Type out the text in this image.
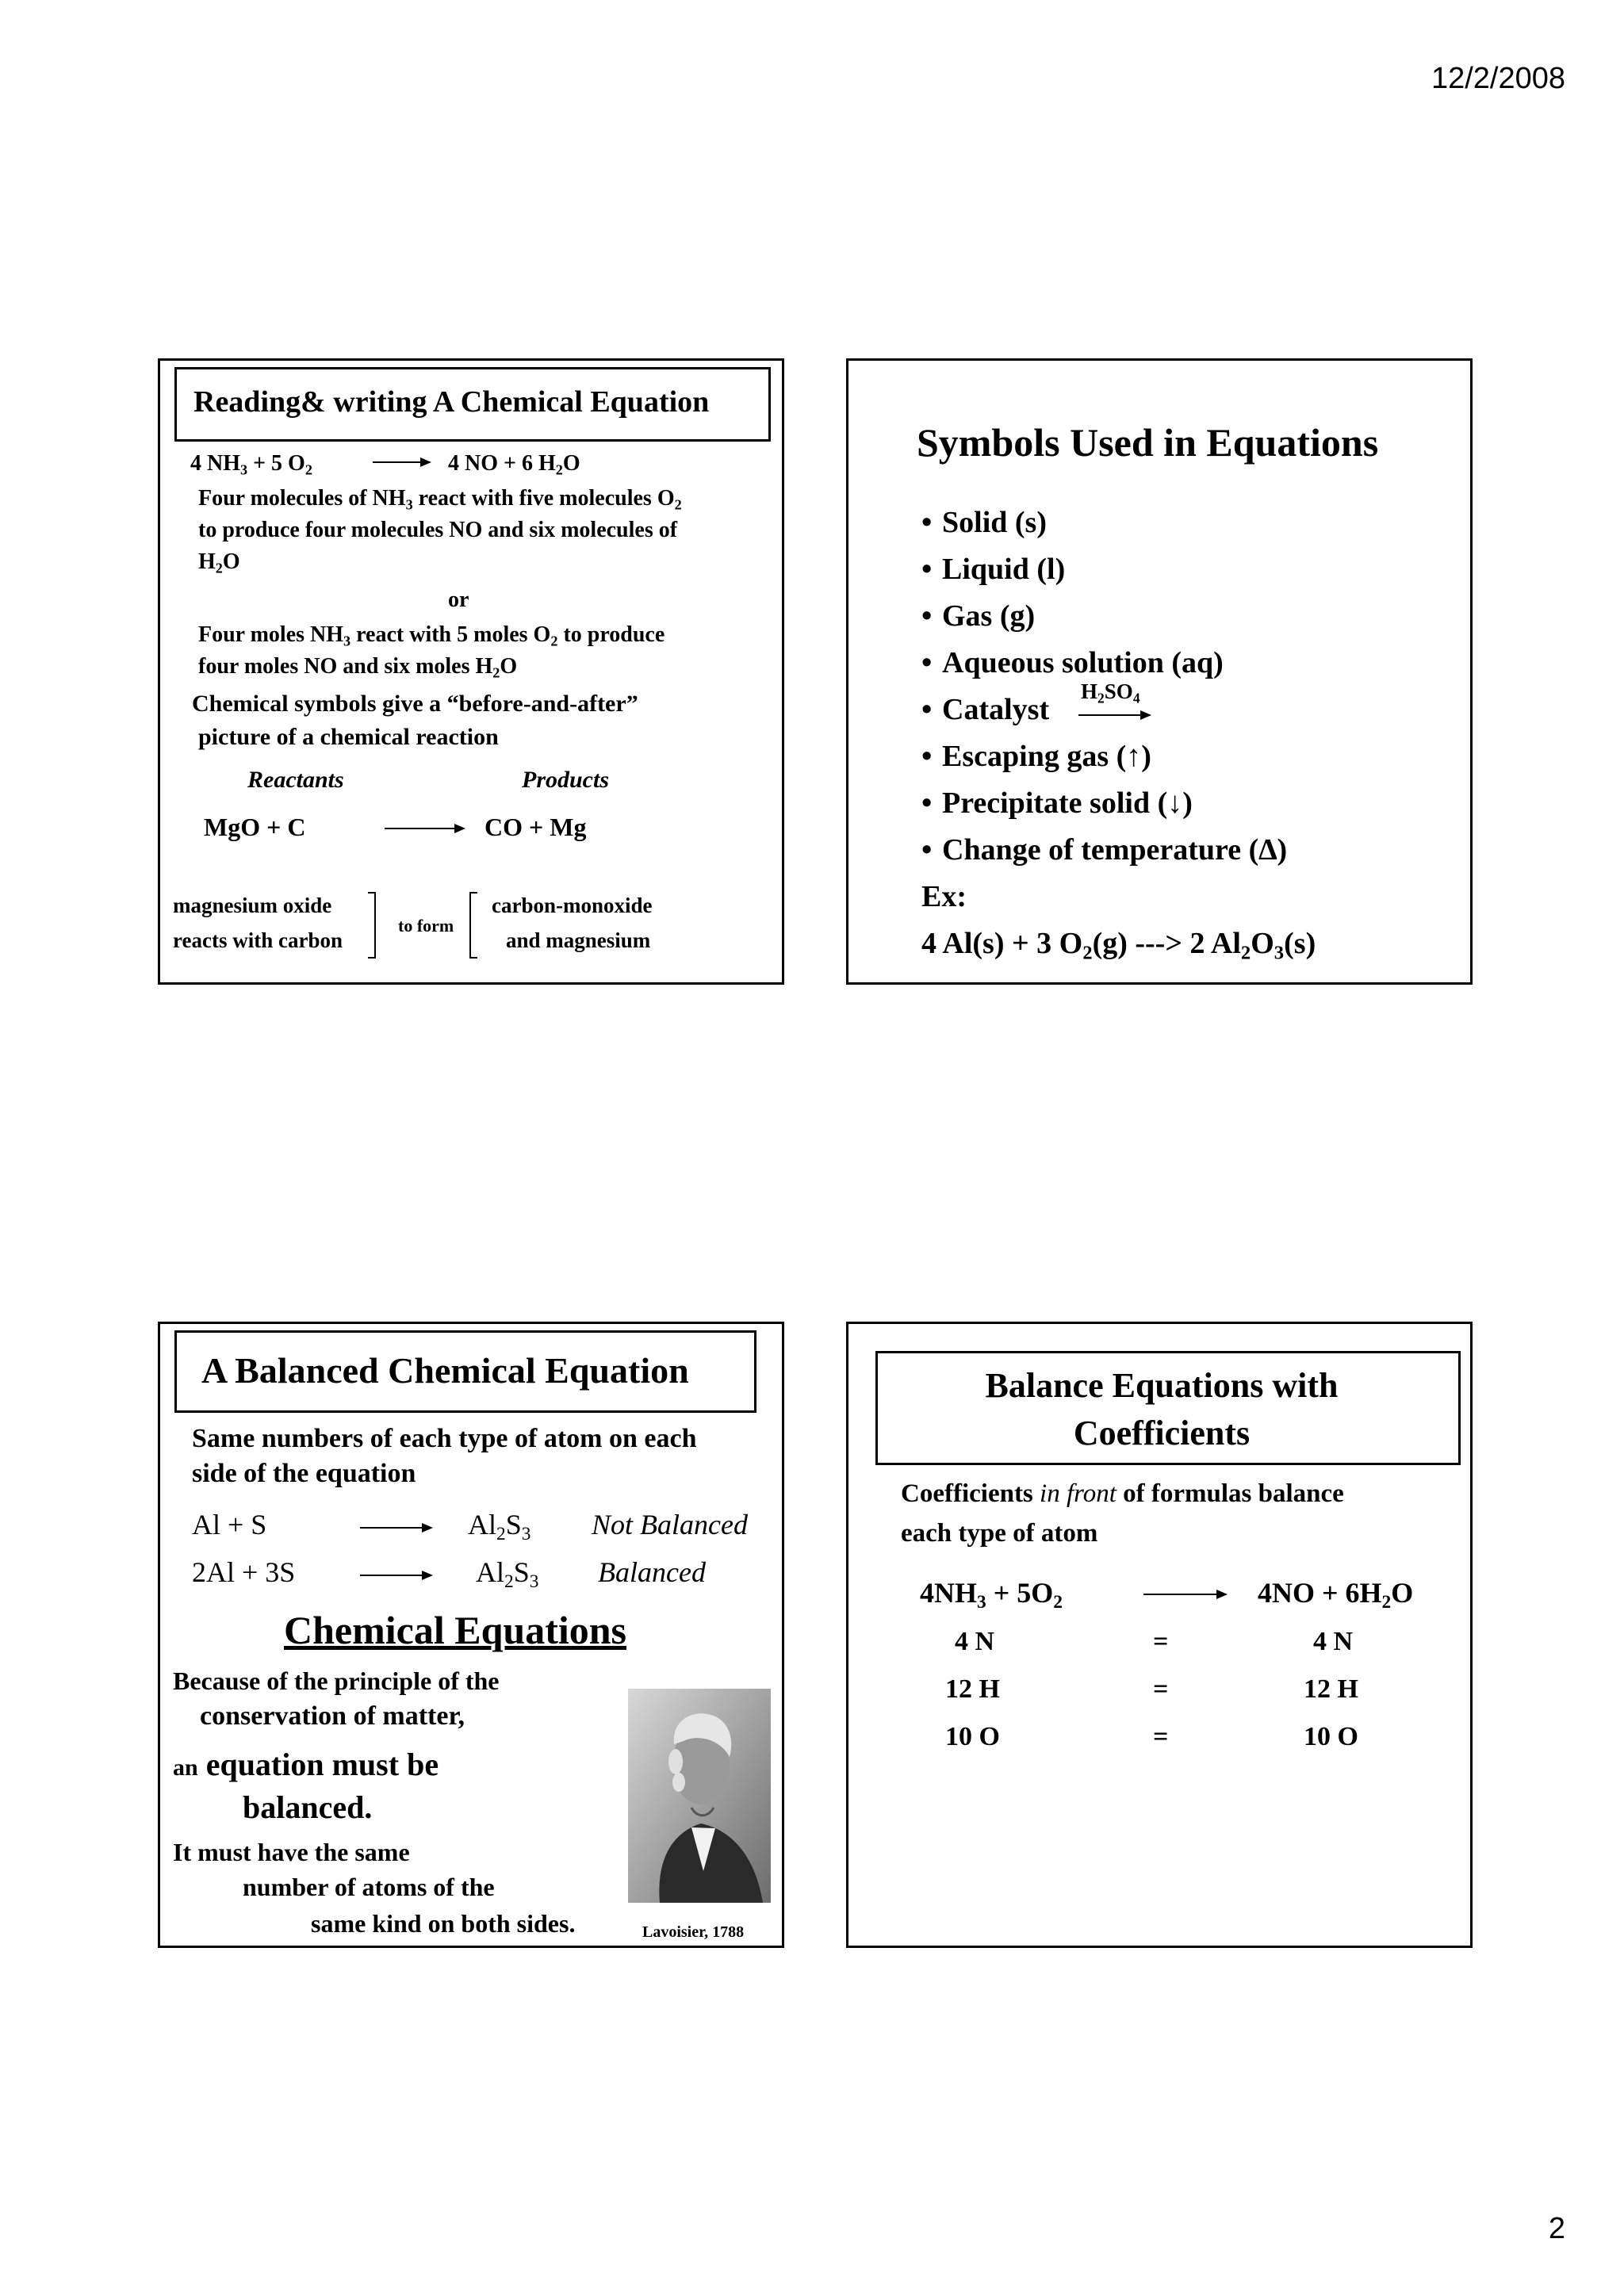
12/2/2008
2
Reading& writing A Chemical Equation
4 $NH_3 + 5$ $O_2$	4 NO + 6 $H_2O$
Four molecules of $NH_3$ react with five molecules $O_2$
to produce four molecules NO and six molecules of
$H_2O$
or
Four moles $NH_3$ react with 5 moles $O_2$ to produce
four moles NO and six moles $H_2O$
Chemical symbols give a “before-and-after”
picture of a chemical reaction
Reactants	Products
MgO + C	CO + Mg
magnesium oxide
reacts with carbon
to form
carbon-monoxide
and magnesium
Symbols Used in Equations
• Solid (s)
• Liquid (l)
• Gas (g)
• Aqueous solution (aq)
• Catalyst
$H_2SO_4$
• Escaping gas (↑)
• Precipitate solid (↓)
• Change of temperature (∆)
Ex:
4 Al(s) + 3 $O_2(g)$ ---> 2 $Al_2O_3(s)$
A Balanced Chemical Equation
Same numbers of each type of atom on each
side of the equation
Al + S	$Al_2S_3$ Not Balanced
2Al + 3S	$Al_2S_3$ Balanced
Chemical Equations
Because of the principle of the
conservation of matter,
an equation must be
balanced.
It must have the same
number of atoms of the
same kind on both sides.	Lavoisier, 1788
Balance Equations with
Coefficients
Coefficients in front of formulas balance
each type of atom
$4NH_3 + 5O_2$	$4NO + 6H_2O$
4 N	=	4 N
12 H	=	12 H
10 O	=	10 O
